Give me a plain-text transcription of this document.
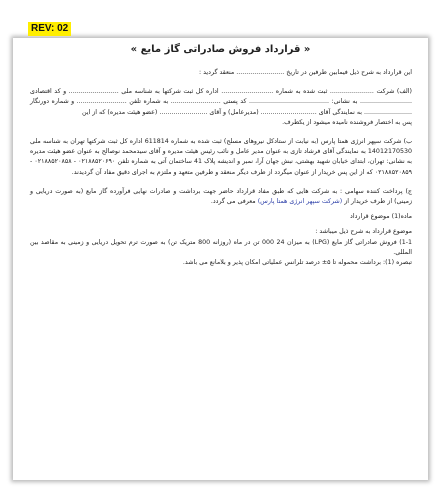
REV: 02
« قرارداد فروش صادراتی گاز مایع »

این قرارداد به شرح ذیل فیمابین طرفین در تاریخ ........................ منعقد گردید :

(الف) شرکت ...................... ثبت شده به شماره .......................... اداره کل ثبت شرکتها به شناسه ملی ......................... و کد اقتصادی .......................... به نشانی: ........................................ کد پستی ......................... به شماره تلفن ......................... و شماره دورنگار ........................ به نمایندگی آقای ............................ (مدیرعامل) و آقای ........................ (عضو هیئت مدیره) که از این

پس به اختصار فروشنده نامیده میشود از یکطرف.

ب) شرکت سپهر انرژی همتا پارس (به نیابت از ستادکل نیروهای مسلح) ثبت شده به شماره 611814 اداره کل ثبت شرکتها تهران به شناسه ملی 14012170530 به نمایندگی آقای فرشاد تازی به عنوان مدیر عامل و نائب رئیس هیئت مدیره و آقای سیدمحمد نوصالح به عنوان عضو هیئت مدیره به نشانی: تهران، ابتدای خیابان شهید بهشتی، نبش جهان آرا، نمبر و اندیشه پلاک 41 ساختمان آتی به شماره تلفن ۰۲۱۸۸۵۲۰۶۹۰ - ۰۲۱۸۸۵۲۰۸۵۸ - ۰۲۱۸۸۵۲۰۸۵۹ که از این پس خریدار از عنوان میگردد از طرف دیگر منعقد و طرفین متعهد و ملتزم به اجرای دقیق مفاد آن گردیدند.

ج) پرداخت کننده سهامی : به شرکت هایی که طبق مفاد قرارداد حاضر جهت برداشت و صادرات نهایی فرآورده گاز مایع (به صورت دریایی و زمینی) از طرف خریدار از (شرکت سپهر انرژی همتا پارس) معرفی می گردد.

ماده(1) موضوع قرارداد

موضوع قرارداد به شرح ذیل میباشد :

1-1) فروش صادراتی گاز مایع (LPG) به میزان 24 000 تن در ماه (روزانه 800 متریک تن) به صورت ترم تحویل دریایی و زمینی به مقاصد بین المللی.

تبصره (1): برداشت محموله تا ۵± درصد تلرانس عملیاتی امکان پذیر و بلامانع می باشد.
